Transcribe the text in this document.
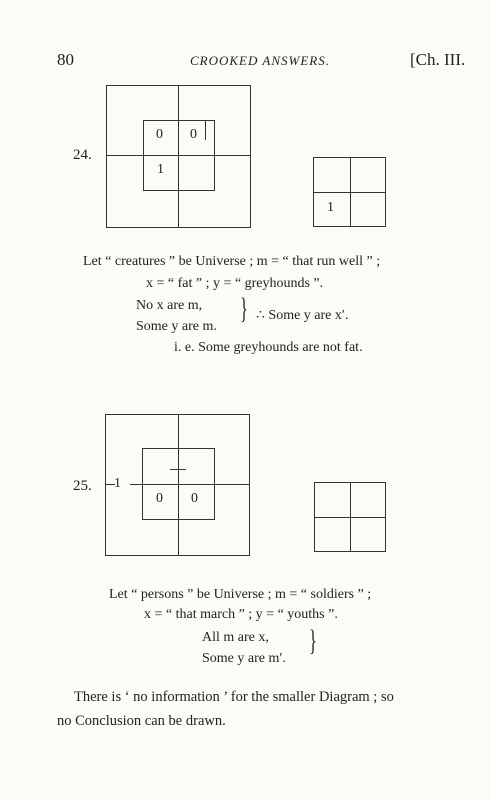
80	CROOKED ANSWERS.	[Ch. III.
24.
0 0
1
1
Let “ creatures ” be Universe ; m = “ that run well ” ;
x = “ fat ” ; y = “ greyhounds ”.
No x are m,
Some y are m.
} ∴ Some y are x′.
i. e. Some greyhounds are not fat.
25. 1
0 0
Let “ persons ” be Universe ; m = “ soldiers ” ;
x = “ that march ” ; y = “ youths ”.
All m are x,
Some y are m′.
}
There is ‘ no information ’ for the smaller Diagram ; so
no Conclusion can be drawn.
